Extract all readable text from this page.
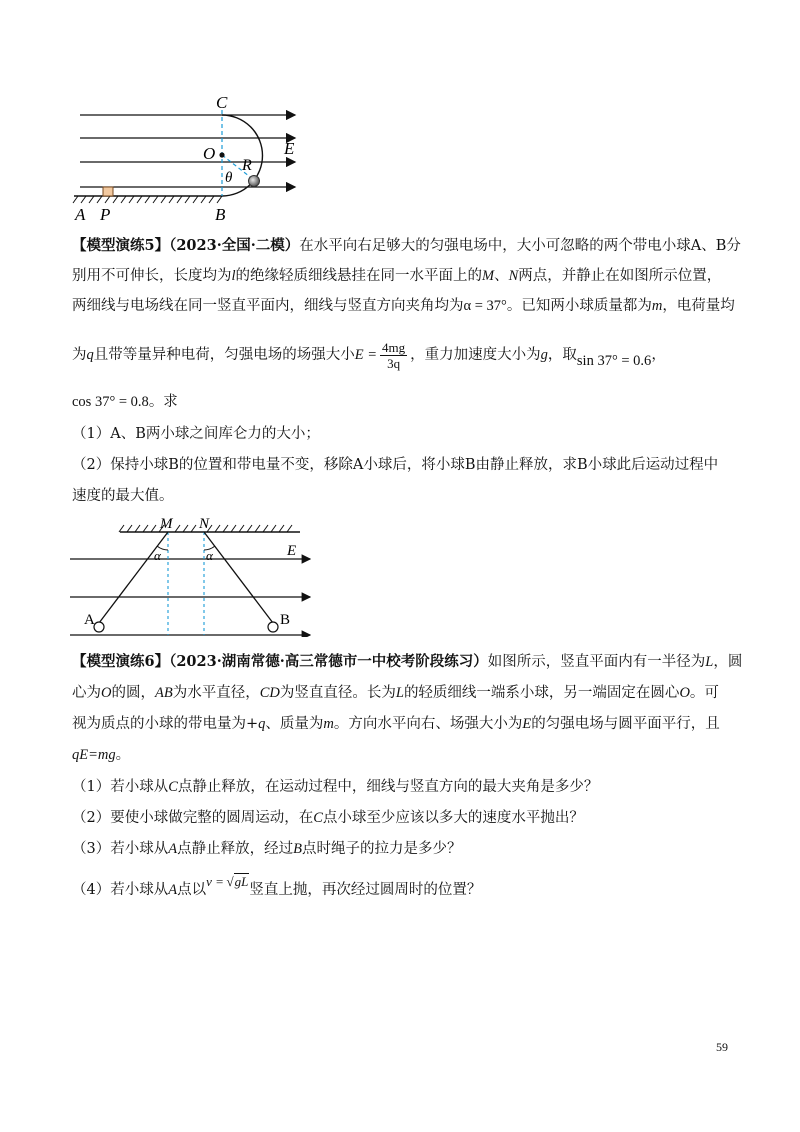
C
O	E
R
θ
A P	B
【模型演练5】（2023·全国·二模）在水平向右足够大的匀强电场中，大小可忽略的两个带电小球A、B分
别用不可伸长，长度均为l的绝缘轻质细线悬挂在同一水平面上的M、N两点，并静止在如图所示位置，
两细线与电场线在同一竖直平面内，细线与竖直方向夹角均为α = 37°。已知两小球质量都为m，电荷量均
为q且带等量异种电荷，匀强电场的场强大小$E = \frac{4mg}{3q}$ ，重力加速度大小为g，取sin 37° = 0.6，
cos 37° = 0.8。求
（1）A、B两小球之间库仑力的大小；
（2）保持小球B的位置和带电量不变，移除A小球后，将小球B由静止释放，求B小球此后运动过程中
速度的最大值。
M N
E
α	α
A	B
【模型演练6】（2023·湖南常德·高三常德市一中校考阶段练习）如图所示，竖直平面内有一半径为L，圆
心为O的圆，AB为水平直径，CD为竖直直径。长为L的轻质细线一端系小球，另一端固定在圆心O。可
视为质点的小球的带电量为+q、质量为m。方向水平向右、场强大小为E的匀强电场与圆平面平行，且
qE=mg。
（1）若小球从C点静止释放，在运动过程中，细线与竖直方向的最大夹角是多少？
（2）要使小球做完整的圆周运动，在C点小球至少应该以多大的速度水平抛出？
（3）若小球从A点静止释放，经过B点时绳子的拉力是多少？
（4）若小球从A点以v = √gL竖直上抛，再次经过圆周时的位置？
59
